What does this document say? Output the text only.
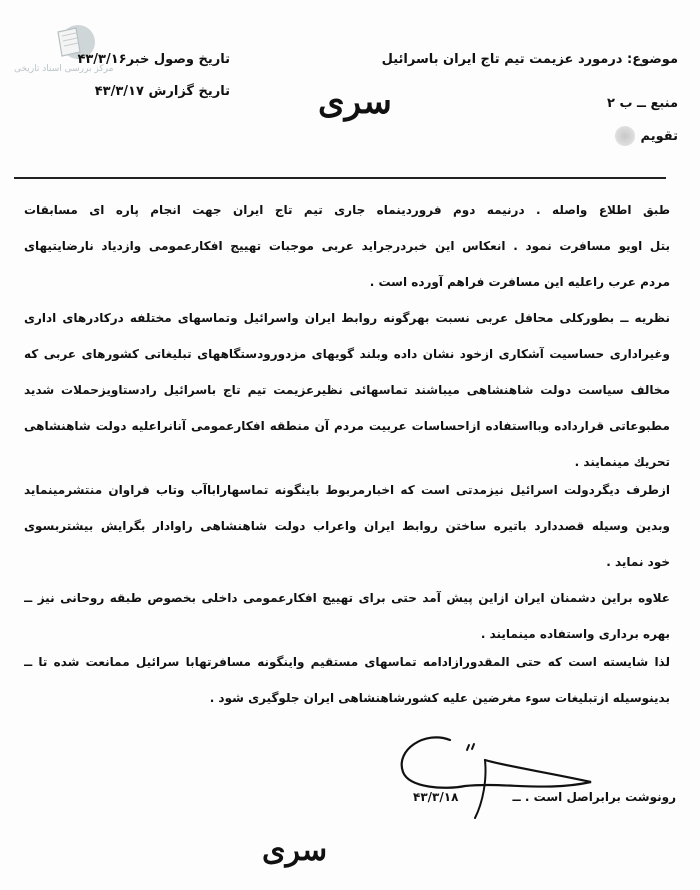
مرکز بررسی اسناد تاریخی
موضوع: درمورد عزیمت تیم تاج ایران باسرائیل
منبع ــ ب ۲
تقویم
تاریخ وصول خبر۴۳/۳/۱۶
تاریخ گزارش ۴۳/۳/۱۷	سری
طبق اطلاع واصله . درنیمه دوم فروردینماه جاری تیم تاج ایران جهت انجام پاره ای مسابقات
بتل اویو مسافرت نمود . انعکاس این خبردرجراید عربی موجبات تهییج افکارعمومی وازدیاد نارضایتیهای
مردم عرب راعلیه این مسافرت فراهم آورده است .
نظریه ــ بطورکلی محافل عربی نسبت بهرگونه روابط ایران واسرائیل وتماسهای مختلفه درکادرهای اداری
وغیراداری حساسیت آشکاری ازخود نشان داده وبلند گویهای مزدورودستگاههای تبلیغاتی کشورهای عربی که
مخالف سیاست دولت شاهنشاهی میباشند تماسهائی نظیرعزیمت تیم تاج باسرائیل رادستاویزحملات شدید
مطبوعاتی قرارداده وبااستفاده ازاحساسات عربیت مردم آن منطقه افکارعمومی آنانراعلیه دولت شاهنشاهی
تحریك مینمایند .
ازطرف دیگردولت اسرائیل نیزمدتی است که اخبارمربوط باینگونه تماسهاراباآب وتاب فراوان منتشرمینماید
وبدین وسیله قصددارد باتیره ساختن روابط ایران واعراب دولت شاهنشاهی راوادار بگرایش بیشتربسوی
خود نماید .
علاوه براین دشمنان ایران ازاین پیش آمد حتی برای تهییج افکارعمومی داخلی بخصوص طبقه روحانی نیز ــ
بهره برداری واستفاده مینمایند .
لذا شایسته است که حتی المقدورازادامه تماسهای مستقیم واینگونه مسافرتهابا سرائیل ممانعت شده تا ــ
بدینوسیله ازتبلیغات سوء مغرضین علیه کشورشاهنشاهی ایران جلوگیری شود .
رونوشت برابراصل است . ــ
۴۳/۳/۱۸
سری
